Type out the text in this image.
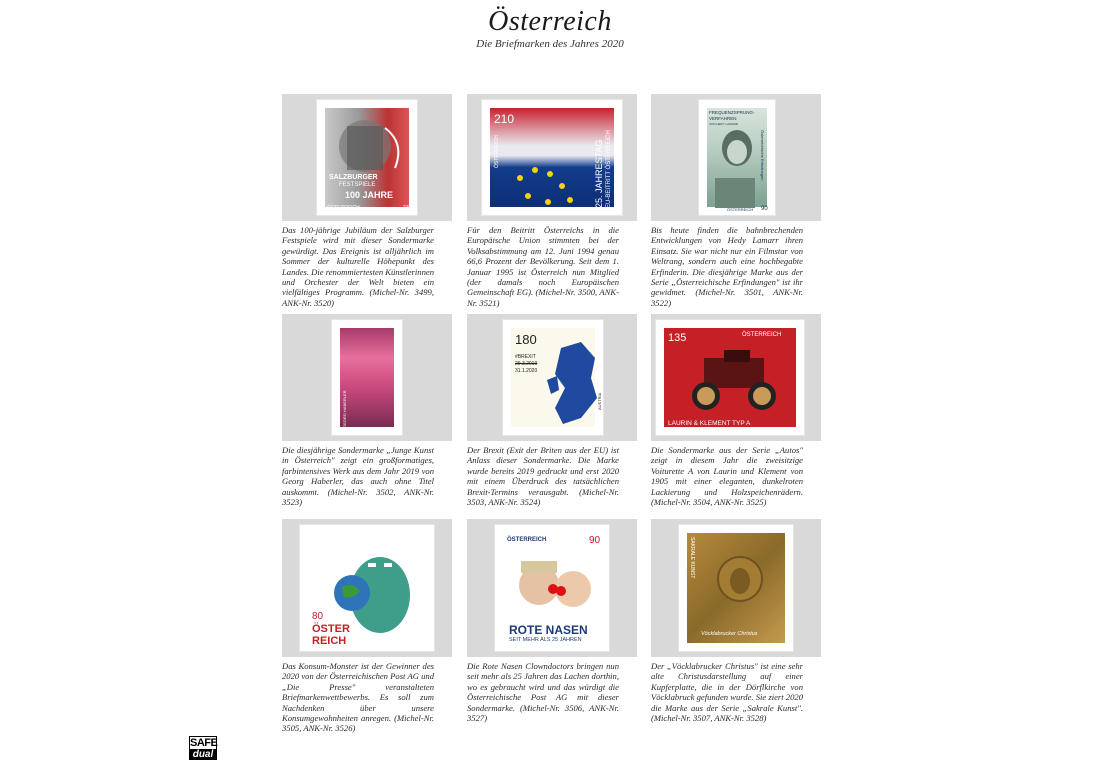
Österreich
Die Briefmarken des Jahres 2020
SALZBURGER
FESTSPIELE
100 JAHRE
ÖSTERREICH	270
Das 100-jährige Jubiläum der Salzburger Festspiele wird mit dieser Sondermarke gewürdigt. Das Ereignis ist alljährlich im Sommer der kulturelle Höhepunkt des Landes. Die renommiertesten Künstlerinnen und Orchester der Welt bieten ein vielfältiges Programm. (Michel-Nr. 3499, ANK-Nr. 3520)
210
25. JAHRESTAG EU-BEITRITT ÖSTERREICH
ÖSTERREICH
Für den Beitritt Österreichs in die Europäische Union stimmten bei der Volksabstimmung am 12. Juni 1994 genau 66,6 Prozent der Bevölkerung. Seit dem 1. Januar 1995 ist Österreich nun Mitglied (der damals noch Europäischen Gemeinschaft EG). (Michel-Nr. 3500, ANK-Nr. 3521)
FREQUENZSPRUNG-
VERFAHREN
VON HEDY LAMARR
Österreichische Erfindungen
ÖSTERREICH 90
Bis heute finden die bahnbrechenden Entwicklungen von Hedy Lamarr ihren Einsatz. Sie war nicht nur ein Filmstar von Weltrang, sondern auch eine hochbegabte Erfinderin. Die diesjährige Marke aus der Serie „Österreichische Erfindungen" ist ihr gewidmet. (Michel-Nr. 3501, ANK-Nr. 3522)
GEORG HABERLER
ÖSTERREICH 80
Die diesjährige Sondermarke „Junge Kunst in Österreich" zeigt ein großformatiges, farbintensives Werk aus dem Jahr 2019 von Georg Haberler, das auch ohne Titel auskommt. (Michel-Nr. 3502, ANK-Nr. 3523)
180
#BREXIT
29.3.2019
31.1.2020
AUSTRIA
Der Brexit (Exit der Briten aus der EU) ist Anlass dieser Sondermarke. Die Marke wurde bereits 2019 gedruckt und erst 2020 mit einem Überdruck des tatsächlichen Brexit-Termins verausgabt. (Michel-Nr. 3503, ANK-Nr. 3524)
135	ÖSTERREICH
LAURIN & KLEMENT TYP A
Die Sondermarke aus der Serie „Autos" zeigt in diesem Jahr die zweisitzige Voiturette A von Laurin und Klement von 1905 mit einer eleganten, dunkelroten Lackierung und Holzspeichenrädern. (Michel-Nr. 3504, ANK-Nr. 3525)
80
ÖSTER
REICH
Das Konsum-Monster ist der Gewinner des 2020 von der Österreichischen Post AG und „Die Presse" veranstalteten Briefmarkenwettbewerbs. Es soll zum Nachdenken über unsere Konsumgewohnheiten anregen. (Michel-Nr. 3505, ANK-Nr. 3526)
ÖSTERREICH	90
ROTE NASEN
SEIT MEHR ALS 25 JAHREN
Die Rote Nasen Clowndoctors bringen nun seit mehr als 25 Jahren das Lachen dorthin, wo es gebraucht wird und das würdigt die Österreichische Post AG mit dieser Sondermarke. (Michel-Nr. 3506, ANK-Nr. 3527)
SAKRALE KUNST	ÖSTERREICH 135
Vöcklabrucker Christus
Der „Vöcklabrucker Christus" ist eine sehr alte Christusdarstellung auf einer Kupferplatte, die in der Dörflkirche von Vöcklabruck gefunden wurde. Sie ziert 2020 die Marke aus der Serie „Sakrale Kunst". (Michel-Nr. 3507, ANK-Nr. 3528)
SAFE
dual
